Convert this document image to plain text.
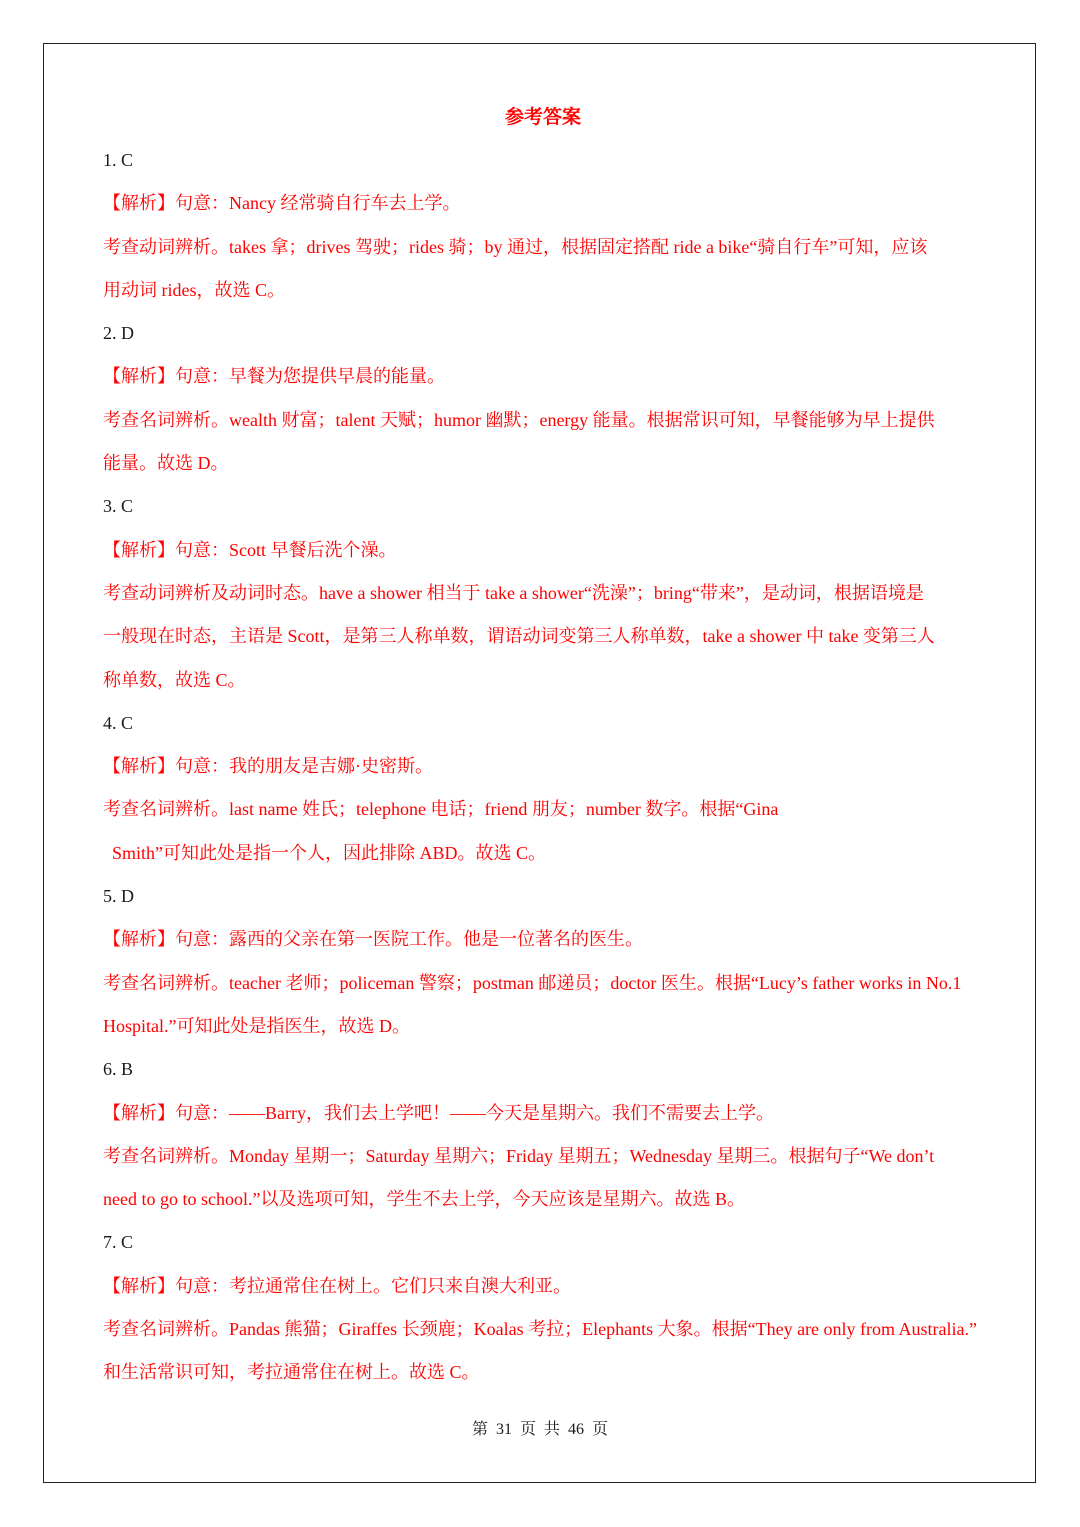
参考答案

1. C

【解析】句意：Nancy 经常骑自行车去上学。

考查动词辨析。takes 拿；drives 驾驶；rides 骑；by 通过，根据固定搭配 ride a bike“骑自行车”可知，应该

用动词 rides，故选 C。

2. D

【解析】句意：早餐为您提供早晨的能量。

考查名词辨析。wealth 财富；talent 天赋；humor 幽默；energy 能量。根据常识可知，早餐能够为早上提供

能量。故选 D。

3. C

【解析】句意：Scott 早餐后洗个澡。

考查动词辨析及动词时态。have a shower 相当于 take a shower“洗澡”；bring“带来”，是动词，根据语境是

一般现在时态，主语是 Scott，是第三人称单数，谓语动词变第三人称单数，take a shower 中 take 变第三人

称单数，故选 C。

4. C

【解析】句意：我的朋友是吉娜·史密斯。

考查名词辨析。last name 姓氏；telephone 电话；friend 朋友；number 数字。根据“Gina

Smith”可知此处是指一个人，因此排除 ABD。故选 C。

5. D

【解析】句意：露西的父亲在第一医院工作。他是一位著名的医生。

考查名词辨析。teacher 老师；policeman 警察；postman 邮递员；doctor 医生。根据“Lucy’s father works in No.1

Hospital.”可知此处是指医生，故选 D。

6. B

【解析】句意：——Barry，我们去上学吧！——今天是星期六。我们不需要去上学。

考查名词辨析。Monday 星期一；Saturday 星期六；Friday 星期五；Wednesday 星期三。根据句子“We don’t

need to go to school.”以及选项可知，学生不去上学，今天应该是星期六。故选 B。

7. C

【解析】句意：考拉通常住在树上。它们只来自澳大利亚。

考查名词辨析。Pandas 熊猫；Giraffes 长颈鹿；Koalas 考拉；Elephants 大象。根据“They are only from Australia.”

和生活常识可知，考拉通常住在树上。故选 C。

第 31 页 共 46 页
